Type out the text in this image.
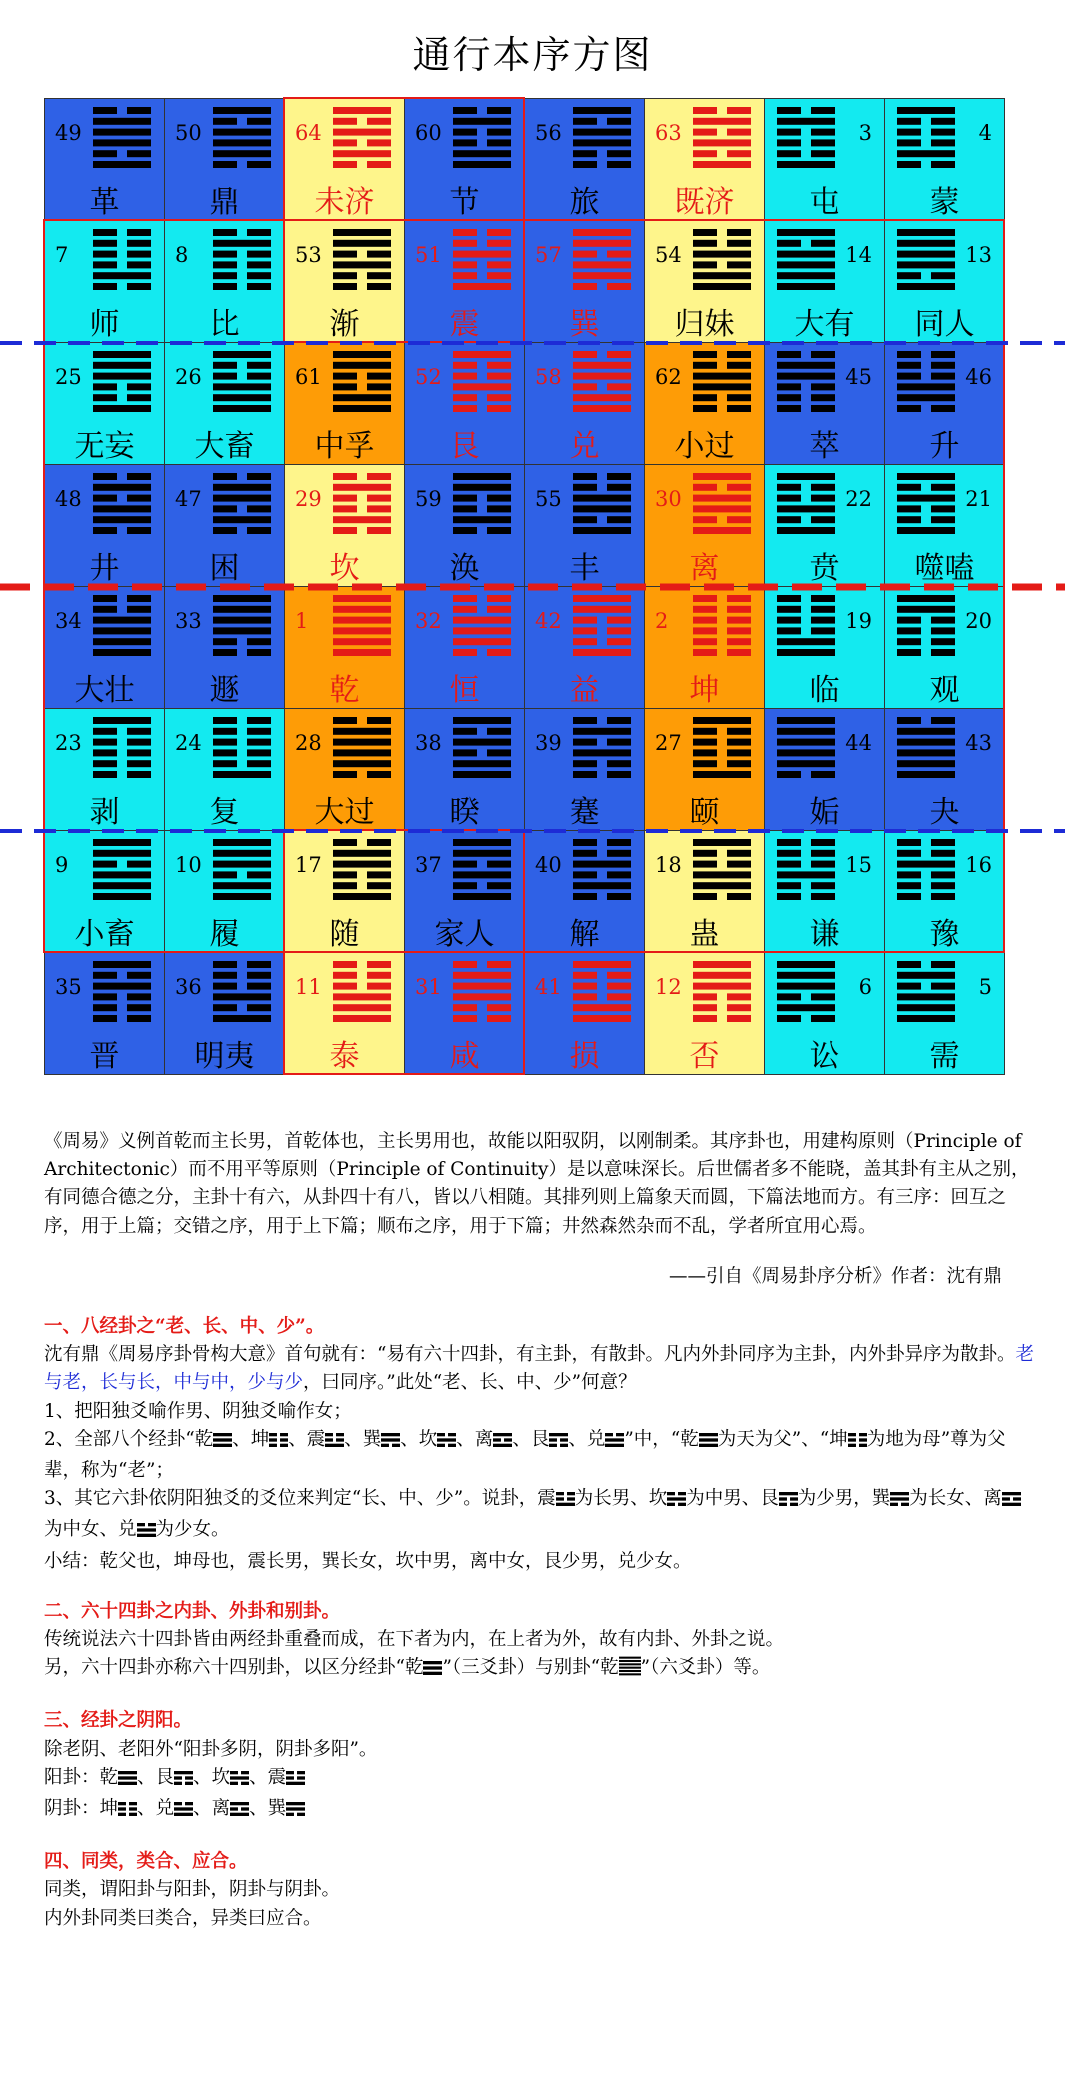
通行本序方图
49
革
50
鼎
64
未济
60
节
56
旅
63
既济
3
屯
4
蒙
7
师
8
比
53
渐
51
震
57
巽
54
归妹
14
大有
13
同人
25
无妄
26
大畜
61
中孚
52
艮
58
兑
62
小过
45
萃
46
升
48
井
47
困
29
坎
59
涣
55
丰
30
离
22
贲
21
噬嗑
34
大壮
33
遯
1
乾
32
恒
42
益
2
坤
19
临
20
观
23
剥
24
复
28
大过
38
睽
39
蹇
27
颐
44
姤
43
夬
9
小畜
10
履
17
随
37
家人
40
解
18
蛊
15
谦
16
豫
35
晋
36
明夷
11
泰
31
咸
41
损
12
否
6
讼
5
需

《周易》义例首乾而主长男，首乾体也，主长男用也，故能以阳驭阴，以刚制柔。其序卦也，用建构原则（Principle of Architectonic）而不用平等原则（Principle of Continuity）是以意味深长。后世儒者多不能晓，盖其卦有主从之别，有同德合德之分，主卦十有六，从卦四十有八，皆以八相随。其排列则上篇象天而圆，下篇法地而方。有三序：回互之序，用于上篇；交错之序，用于上下篇；顺布之序，用于下篇；井然森然杂而不乱，学者所宜用心焉。

——引自《周易卦序分析》作者：沈有鼎

一、八经卦之“老、长、中、少”。

沈有鼎《周易序卦骨构大意》首句就有：“易有六十四卦，有主卦，有散卦。凡内外卦同序为主卦，内外卦异序为散卦。老与老，长与长，中与中，少与少，曰同序。”此处“老、长、中、少”何意？

1、把阳独爻喻作男、阴独爻喻作女；

2、全部八个经卦“乾 、坤 、震 、巽 、坎 、离 、艮 、兑 ”中，“乾 为天为父”、“坤 为地为母”尊为父辈，称为“老”；

3、其它六卦依阴阳独爻的爻位来判定“长、中、少”。说卦，震 为长男、坎 为中男、艮 为少男，巽 为长女、离为中女、兑 为少女。

小结：乾父也，坤母也，震长男，巽长女，坎中男，离中女，艮少男，兑少女。

二、六十四卦之内卦、外卦和别卦。

传统说法六十四卦皆由两经卦重叠而成，在下者为内，在上者为外，故有内卦、外卦之说。

另，六十四卦亦称六十四别卦，以区分经卦“乾 ”（三爻卦）与别卦“乾 ”（六爻卦）等。

三、经卦之阴阳。

除老阴、老阳外“阳卦多阴，阴卦多阳”。

阳卦：乾 、艮 、坎 、震

阴卦：坤 、兑 、离 、巽

四、同类，类合、应合。

同类，谓阳卦与阳卦，阴卦与阴卦。

内外卦同类曰类合，异类曰应合。
